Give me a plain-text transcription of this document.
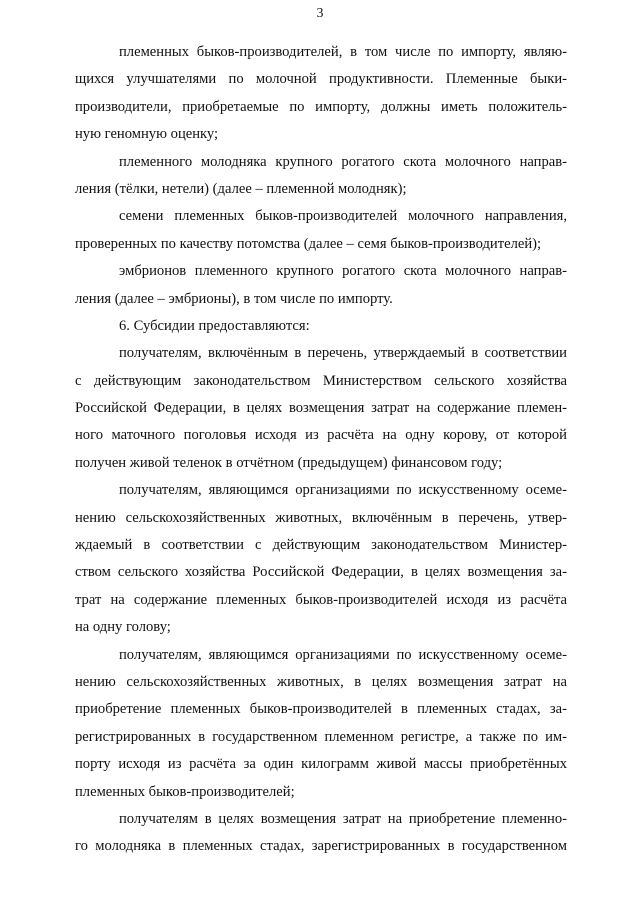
3
племенных быков-производителей, в том числе по импорту, являю-
щихся улучшателями по молочной продуктивности. Племенные быки-
производители, приобретаемые по импорту, должны иметь положитель-
ную геномную оценку;
племенного молодняка крупного рогатого скота молочного направ-
ления (тёлки, нетели) (далее – племенной молодняк);
семени племенных быков-производителей молочного направления,
проверенных по качеству потомства (далее – семя быков-производителей);
эмбрионов племенного крупного рогатого скота молочного направ-
ления (далее – эмбрионы), в том числе по импорту.
6. Субсидии предоставляются:
получателям, включённым в перечень, утверждаемый в соответствии
с действующим законодательством Министерством сельского хозяйства
Российской Федерации, в целях возмещения затрат на содержание племен-
ного маточного поголовья исходя из расчёта на одну корову, от которой
получен живой теленок в отчётном (предыдущем) финансовом году;
получателям, являющимся организациями по искусственному осеме-
нению сельскохозяйственных животных, включённым в перечень, утвер-
ждаемый в соответствии с действующим законодательством Министер-
ством сельского хозяйства Российской Федерации, в целях возмещения за-
трат на содержание племенных быков-производителей исходя из расчёта
на одну голову;
получателям, являющимся организациями по искусственному осеме-
нению сельскохозяйственных животных, в целях возмещения затрат на
приобретение племенных быков-производителей в племенных стадах, за-
регистрированных в государственном племенном регистре, а также по им-
порту исходя из расчёта за один килограмм живой массы приобретённых
племенных быков-производителей;
получателям в целях возмещения затрат на приобретение племенно-
го молодняка в племенных стадах, зарегистрированных в государственном
